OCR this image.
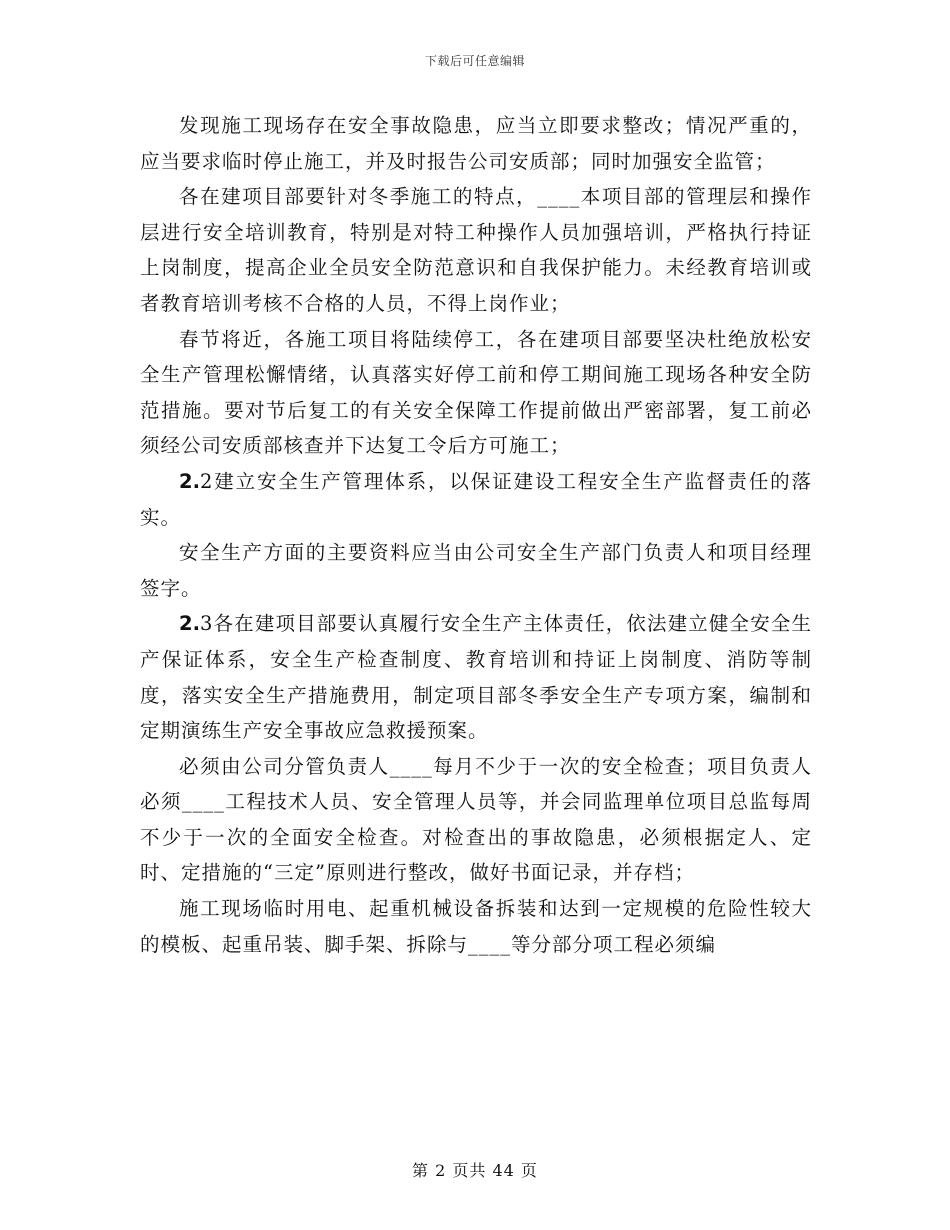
下载后可任意编辑

发现施工现场存在安全事故隐患，应当立即要求整改；情况严重的，应当要求临时停止施工，并及时报告公司安质部；同时加强安全监管；

各在建项目部要针对冬季施工的特点，____本项目部的管理层和操作层进行安全培训教育，特别是对特工种操作人员加强培训，严格执行持证上岗制度，提高企业全员安全防范意识和自我保护能力。未经教育培训或者教育培训考核不合格的人员，不得上岗作业；

春节将近，各施工项目将陆续停工，各在建项目部要坚决杜绝放松安全生产管理松懈情绪，认真落实好停工前和停工期间施工现场各种安全防范措施。要对节后复工的有关安全保障工作提前做出严密部署，复工前必须经公司安质部核查并下达复工令后方可施工；

2.2建立安全生产管理体系，以保证建设工程安全生产监督责任的落实。

安全生产方面的主要资料应当由公司安全生产部门负责人和项目经理签字。

2.3各在建项目部要认真履行安全生产主体责任，依法建立健全安全生产保证体系，安全生产检查制度、教育培训和持证上岗制度、消防等制度，落实安全生产措施费用，制定项目部冬季安全生产专项方案，编制和定期演练生产安全事故应急救援预案。

必须由公司分管负责人____每月不少于一次的安全检查；项目负责人必须____工程技术人员、安全管理人员等，并会同监理单位项目总监每周不少于一次的全面安全检查。对检查出的事故隐患，必须根据定人、定时、定措施的“三定”原则进行整改，做好书面记录，并存档；

施工现场临时用电、起重机械设备拆装和达到一定规模的危险性较大的模板、起重吊装、脚手架、拆除与____等分部分项工程必须编

第 2 页共 44 页
